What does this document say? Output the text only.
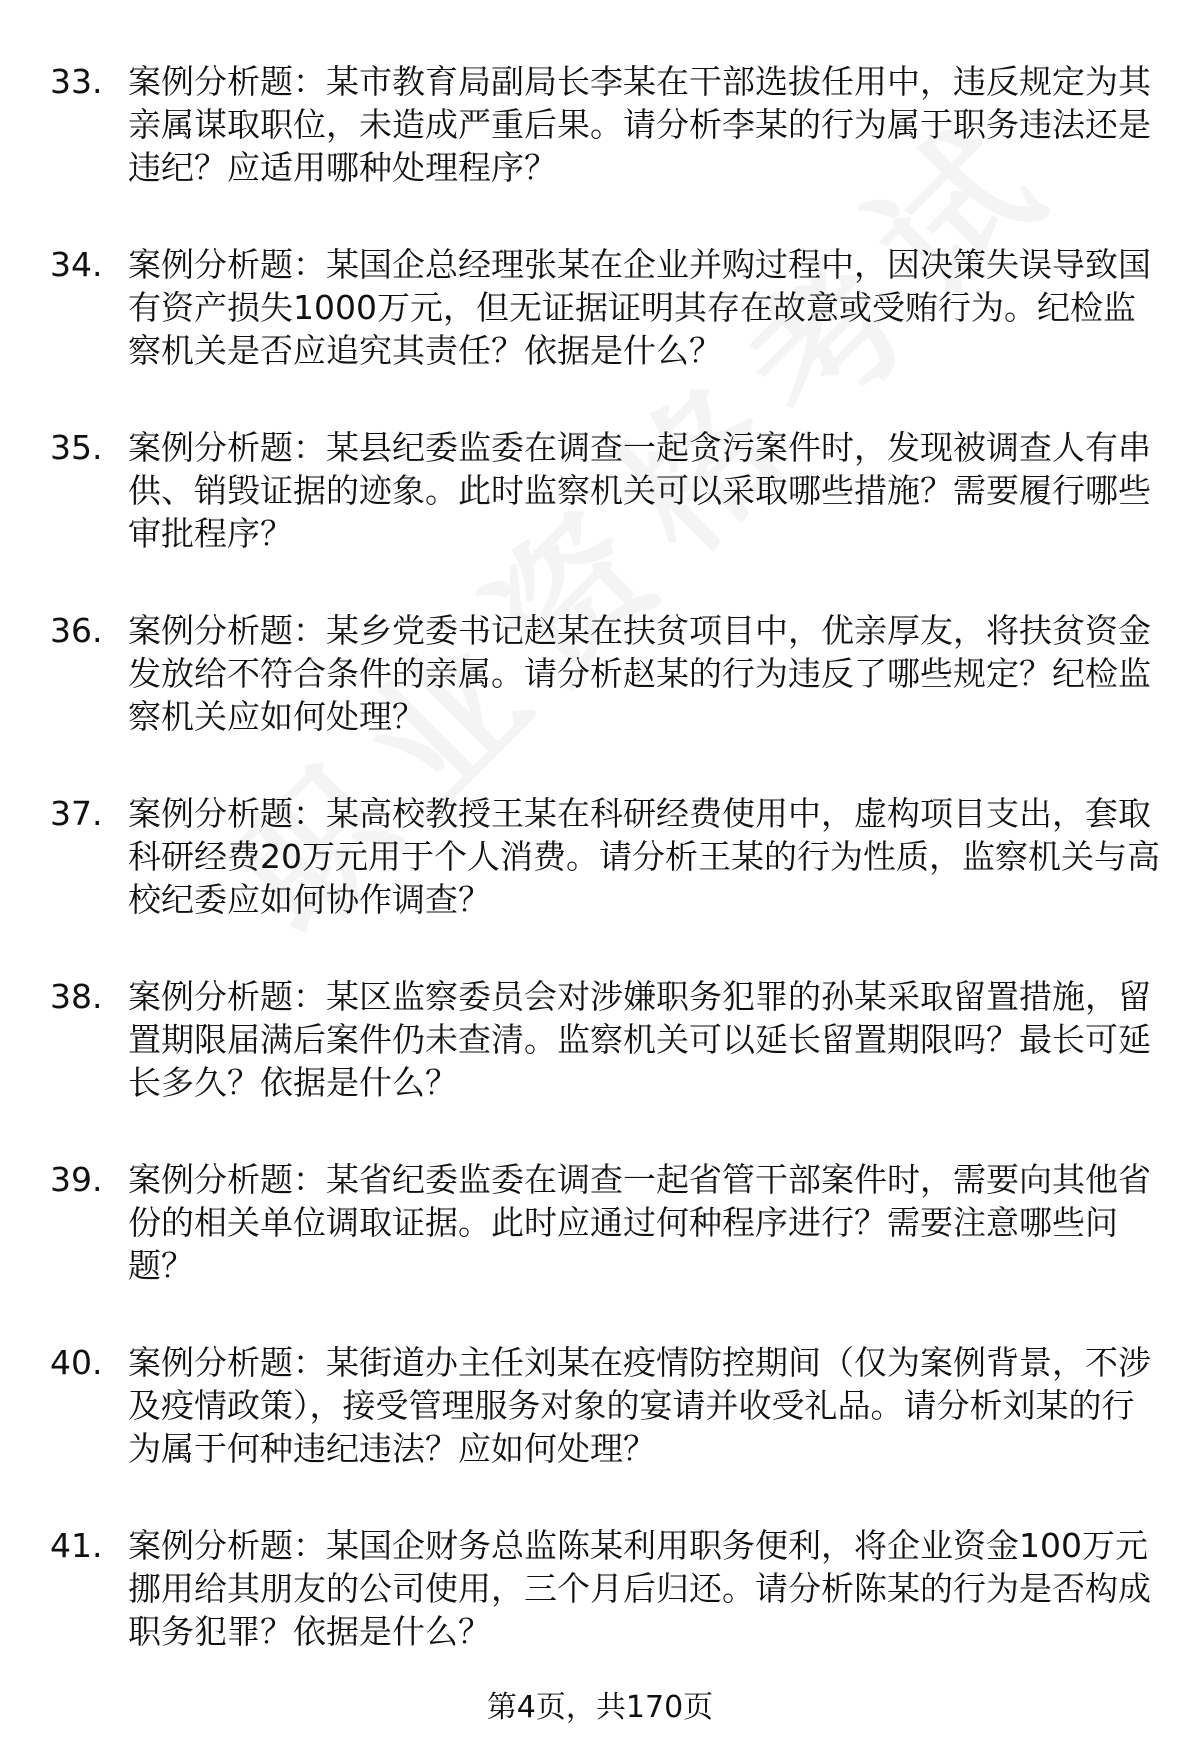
33. 案例分析题：某市教育局副局长李某在干部选拔任用中，违反规定为其亲属谋取职位，未造成严重后果。请分析李某的行为属于职务违法还是违纪？应适用哪种处理程序？
34. 案例分析题：某国企总经理张某在企业并购过程中，因决策失误导致国有资产损失1000万元，但无证据证明其存在故意或受贿行为。纪检监察机关是否应追究其责任？依据是什么？
35. 案例分析题：某县纪委监委在调查一起贪污案件时，发现被调查人有串供、销毁证据的迹象。此时监察机关可以采取哪些措施？需要履行哪些审批程序？
36. 案例分析题：某乡党委书记赵某在扶贫项目中，优亲厚友，将扶贫资金发放给不符合条件的亲属。请分析赵某的行为违反了哪些规定？纪检监察机关应如何处理？
37. 案例分析题：某高校教授王某在科研经费使用中，虚构项目支出，套取科研经费20万元用于个人消费。请分析王某的行为性质，监察机关与高校纪委应如何协作调查？
38. 案例分析题：某区监察委员会对涉嫌职务犯罪的孙某采取留置措施，留置期限届满后案件仍未查清。监察机关可以延长留置期限吗？最长可延长多久？依据是什么？
39. 案例分析题：某省纪委监委在调查一起省管干部案件时，需要向其他省份的相关单位调取证据。此时应通过何种程序进行？需要注意哪些问题？
40. 案例分析题：某街道办主任刘某在疫情防控期间（仅为案例背景，不涉及疫情政策），接受管理服务对象的宴请并收受礼品。请分析刘某的行为属于何种违纪违法？应如何处理？
41. 案例分析题：某国企财务总监陈某利用职务便利，将企业资金100万元挪用给其朋友的公司使用，三个月后归还。请分析陈某的行为是否构成职务犯罪？依据是什么？
第4页，共170页
